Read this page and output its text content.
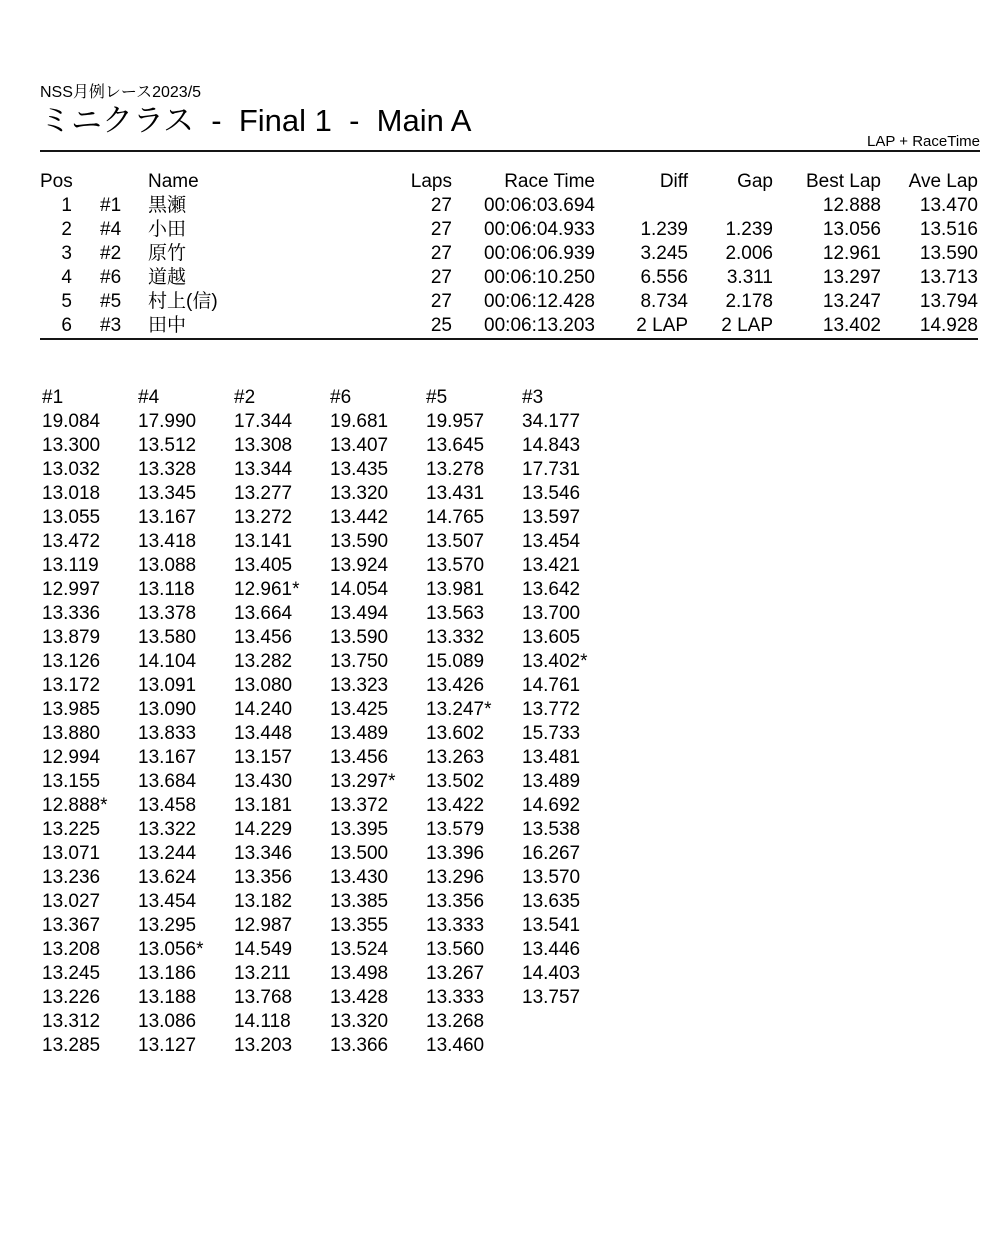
NSS月例レース2023/5
ミニクラス  -  Final 1  -  Main A
LAP + RaceTime
Pos		Name	Laps	Race Time	Diff	Gap	Best Lap	Ave Lap
1	#1	黒瀬	27	00:06:03.694			12.888	13.470
2	#4	小田	27	00:06:04.933	1.239	1.239	13.056	13.516
3	#2	原竹	27	00:06:06.939	3.245	2.006	12.961	13.590
4	#6	道越	27	00:06:10.250	6.556	3.311	13.297	13.713
5	#5	村上(信)	27	00:06:12.428	8.734	2.178	13.247	13.794
6	#3	田中	25	00:06:13.203	2 LAP	2 LAP	13.402	14.928
#1	#4	#2	#6	#5	#3
19.084	17.990	17.344	19.681	19.957	34.177
13.300	13.512	13.308	13.407	13.645	14.843
13.032	13.328	13.344	13.435	13.278	17.731
13.018	13.345	13.277	13.320	13.431	13.546
13.055	13.167	13.272	13.442	14.765	13.597
13.472	13.418	13.141	13.590	13.507	13.454
13.119	13.088	13.405	13.924	13.570	13.421
12.997	13.118	12.961*	14.054	13.981	13.642
13.336	13.378	13.664	13.494	13.563	13.700
13.879	13.580	13.456	13.590	13.332	13.605
13.126	14.104	13.282	13.750	15.089	13.402*
13.172	13.091	13.080	13.323	13.426	14.761
13.985	13.090	14.240	13.425	13.247*	13.772
13.880	13.833	13.448	13.489	13.602	15.733
12.994	13.167	13.157	13.456	13.263	13.481
13.155	13.684	13.430	13.297*	13.502	13.489
12.888*	13.458	13.181	13.372	13.422	14.692
13.225	13.322	14.229	13.395	13.579	13.538
13.071	13.244	13.346	13.500	13.396	16.267
13.236	13.624	13.356	13.430	13.296	13.570
13.027	13.454	13.182	13.385	13.356	13.635
13.367	13.295	12.987	13.355	13.333	13.541
13.208	13.056*	14.549	13.524	13.560	13.446
13.245	13.186	13.211	13.498	13.267	14.403
13.226	13.188	13.768	13.428	13.333	13.757
13.312	13.086	14.118	13.320	13.268	
13.285	13.127	13.203	13.366	13.460	
